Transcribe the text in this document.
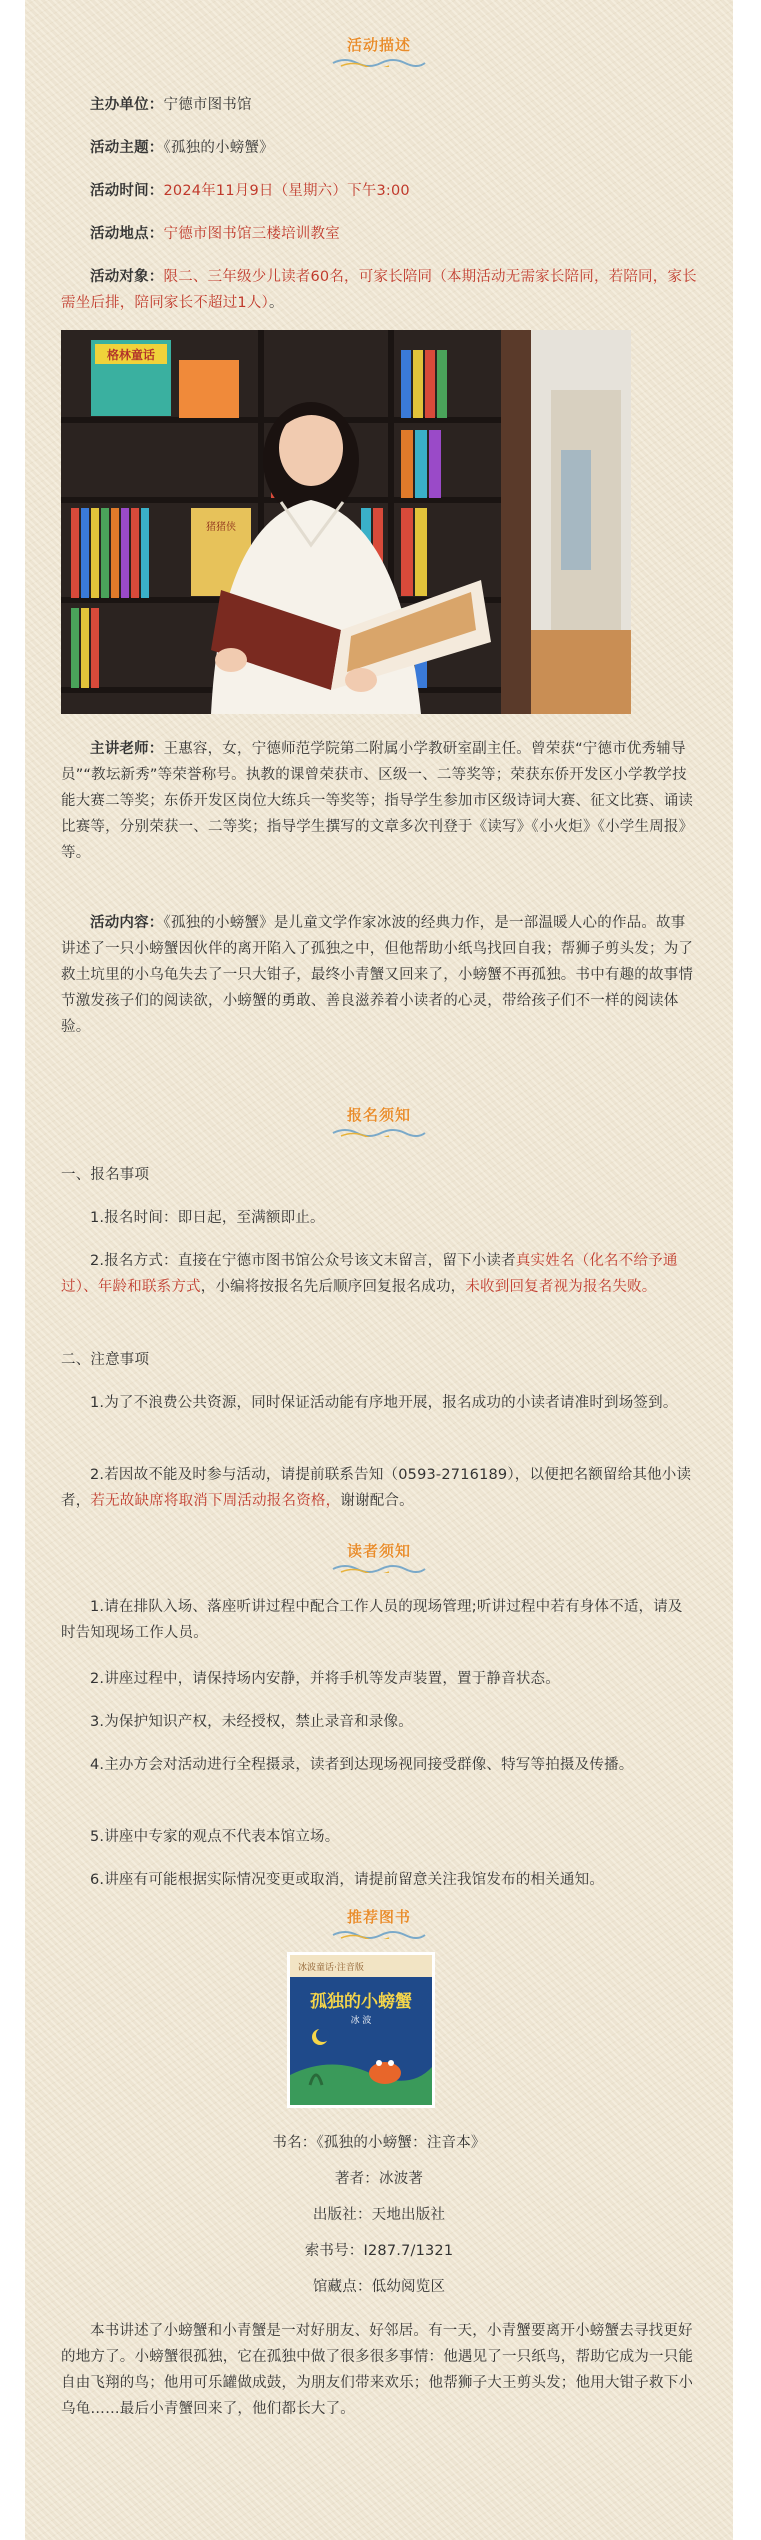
活动描述

主办单位：宁德市图书馆

活动主题：《孤独的小螃蟹》

活动时间：2024年11月9日（星期六）下午3:00

活动地点：宁德市图书馆三楼培训教室

活动对象：限二、三年级少儿读者60名，可家长陪同（本期活动无需家长陪同，若陪同，家长需坐后排，陪同家长不超过1人）。

格林童话
猪猪侠

主讲老师：王惠容，女，宁德师范学院第二附属小学教研室副主任。曾荣获“宁德市优秀辅导员”“教坛新秀”等荣誉称号。执教的课曾荣获市、区级一、二等奖等；荣获东侨开发区小学教学技能大赛二等奖；东侨开发区岗位大练兵一等奖等；指导学生参加市区级诗词大赛、征文比赛、诵读比赛等，分别荣获一、二等奖；指导学生撰写的文章多次刊登于《读写》《小火炬》《小学生周报》等。

活动内容：《孤独的小螃蟹》是儿童文学作家冰波的经典力作，是一部温暖人心的作品。故事讲述了一只小螃蟹因伙伴的离开陷入了孤独之中，但他帮助小纸鸟找回自我；帮狮子剪头发；为了救土坑里的小乌龟失去了一只大钳子，最终小青蟹又回来了，小螃蟹不再孤独。书中有趣的故事情节激发孩子们的阅读欲，小螃蟹的勇敢、善良滋养着小读者的心灵，带给孩子们不一样的阅读体验。

报名须知

一、报名事项

1.报名时间：即日起，至满额即止。

2.报名方式：直接在宁德市图书馆公众号该文末留言，留下小读者真实姓名（化名不给予通过）、年龄和联系方式，小编将按报名先后顺序回复报名成功，未收到回复者视为报名失败。

二、注意事项

1.为了不浪费公共资源，同时保证活动能有序地开展，报名成功的小读者请准时到场签到。

2.若因故不能及时参与活动，请提前联系告知（0593-2716189），以便把名额留给其他小读者，若无故缺席将取消下周活动报名资格，谢谢配合。

读者须知

1.请在排队入场、落座听讲过程中配合工作人员的现场管理;听讲过程中若有身体不适，请及时告知现场工作人员。

2.讲座过程中，请保持场内安静，并将手机等发声装置，置于静音状态。

3.为保护知识产权，未经授权，禁止录音和录像。

4.主办方会对活动进行全程摄录，读者到达现场视同接受群像、特写等拍摄及传播。

5.讲座中专家的观点不代表本馆立场。

6.讲座有可能根据实际情况变更或取消，请提前留意关注我馆发布的相关通知。

推荐图书
冰波童话·注音版
孤独的小螃蟹
冰 波

书名：《孤独的小螃蟹：注音本》

著者：冰波著

出版社：天地出版社

索书号：I287.7/1321

馆藏点：低幼阅览区

本书讲述了小螃蟹和小青蟹是一对好朋友、好邻居。有一天，小青蟹要离开小螃蟹去寻找更好的地方了。小螃蟹很孤独，它在孤独中做了很多很多事情：他遇见了一只纸鸟，帮助它成为一只能自由飞翔的鸟；他用可乐罐做成鼓，为朋友们带来欢乐；他帮狮子大王剪头发；他用大钳子救下小乌龟……最后小青蟹回来了，他们都长大了。
